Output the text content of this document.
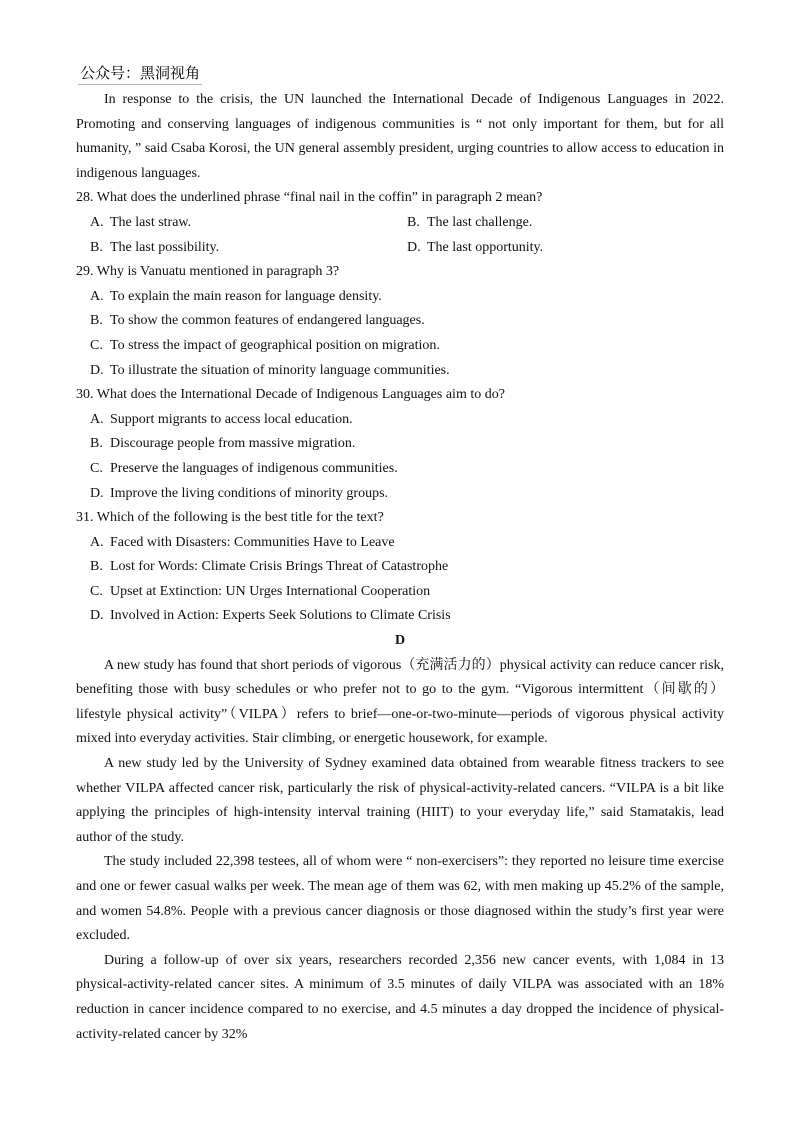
公众号：黑洞视角

In response to the crisis, the UN launched the International Decade of Indigenous Languages in 2022. Promoting and conserving languages of indigenous communities is “ not only important for them, but for all humanity, ” said Csaba Korosi, the UN general assembly president, urging countries to allow access to education in indigenous languages.

28. What does the underlined phrase “final nail in the coffin” in paragraph 2 mean?

A. The last straw.	B. The last challenge.
B. The last possibility.	D. The last opportunity.

29. Why is Vanuatu mentioned in paragraph 3?

A. To explain the main reason for language density.

B. To show the common features of endangered languages.

C. To stress the impact of geographical position on migration.

D. To illustrate the situation of minority language communities.

30. What does the International Decade of Indigenous Languages aim to do?

A. Support migrants to access local education.

B. Discourage people from massive migration.

C. Preserve the languages of indigenous communities.

D. Improve the living conditions of minority groups.

31. Which of the following is the best title for the text?

A. Faced with Disasters: Communities Have to Leave

B. Lost for Words: Climate Crisis Brings Threat of Catastrophe

C. Upset at Extinction: UN Urges International Cooperation

D. Involved in Action: Experts Seek Solutions to Climate Crisis

D

A new study has found that short periods of vigorous（充满活力的）physical activity can reduce cancer risk, benefiting those with busy schedules or who prefer not to go to the gym. “Vigorous intermittent（间歇的）lifestyle physical activity”（VILPA）refers to brief—one-or-two-minute—periods of vigorous physical activity mixed into everyday activities. Stair climbing, or energetic housework, for example.

A new study led by the University of Sydney examined data obtained from wearable fitness trackers to see whether VILPA affected cancer risk, particularly the risk of physical-activity-related cancers. “VILPA is a bit like applying the principles of high-intensity interval training (HIIT) to your everyday life,” said Stamatakis, lead author of the study.

The study included 22,398 testees, all of whom were “ non-exercisers”: they reported no leisure time exercise and one or fewer casual walks per week. The mean age of them was 62, with men making up 45.2% of the sample, and women 54.8%. People with a previous cancer diagnosis or those diagnosed within the study’s first year were excluded.

During a follow-up of over six years, researchers recorded 2,356 new cancer events, with 1,084 in 13 physical-activity-related cancer sites. A minimum of 3.5 minutes of daily VILPA was associated with an 18% reduction in cancer incidence compared to no exercise, and 4.5 minutes a day dropped the incidence of physical-activity-related cancer by 32%
